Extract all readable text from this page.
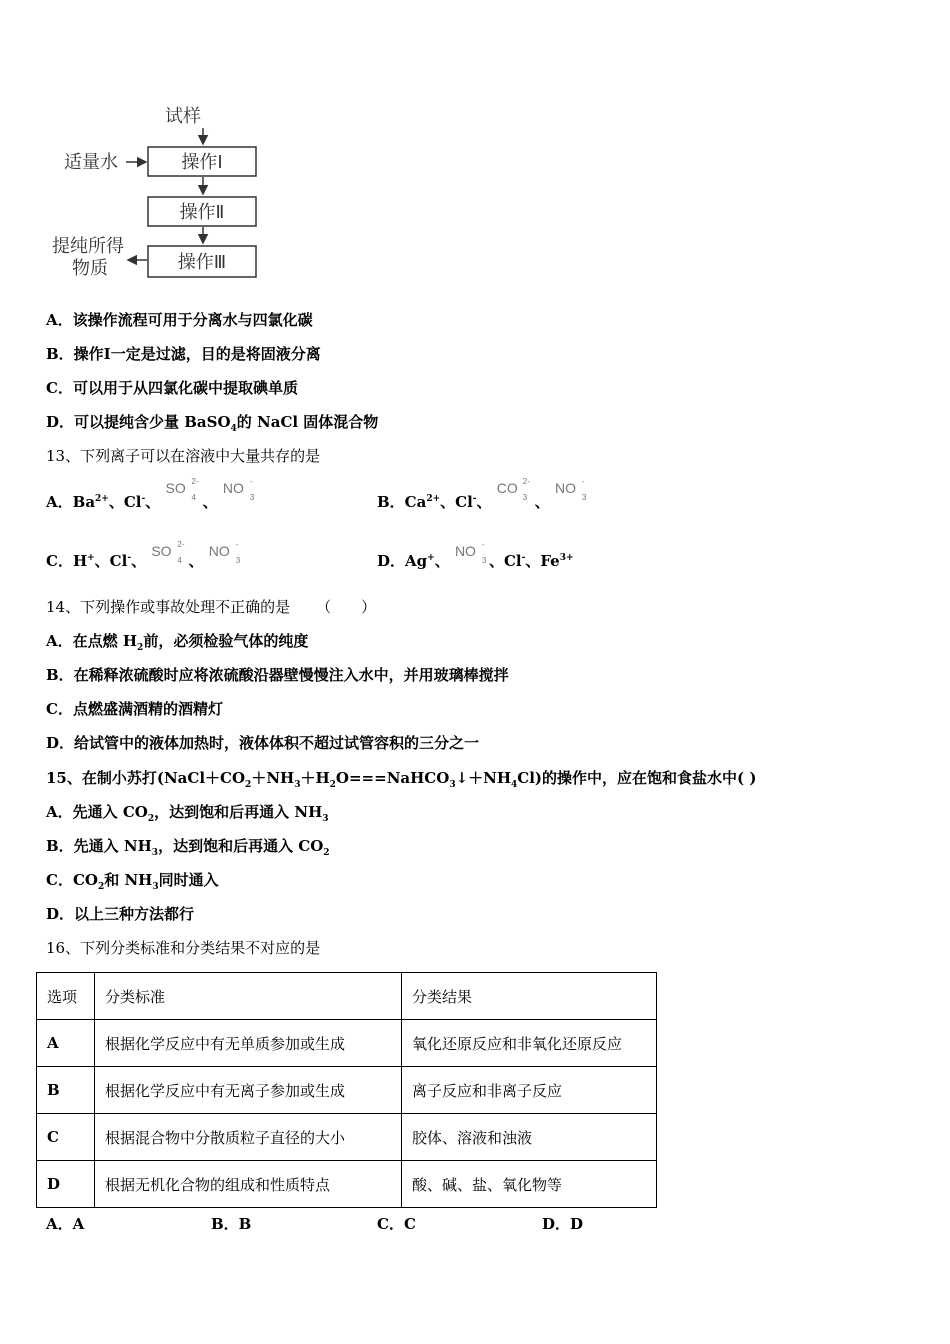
试样
适量水	操作Ⅰ
操作Ⅱ
操作Ⅲ
提纯所得
物质
A．该操作流程可用于分离水与四氯化碳
B．操作Ⅰ一定是过滤，目的是将固液分离
C．可以用于从四氯化碳中提取碘单质
D．可以提纯含少量 BaSO$_4$的 NaCl 固体混合物
13、下列离子可以在溶液中大量共存的是
A．$Ba^{2+}$、Cl-、 SO
4
2-
、 NO
3
-

B．$Ca^{2+}$、Cl-、 CO
3
2-
、 NO
3
-

C．H+、Cl-、 SO
4
2-
、 NO
3
-

D．Ag+、 NO
3
-
、Cl-、$Fe^{3+}$
14、下列操作或事故处理不正确的是 （　　）
A．在点燃 $H_2$前，必须检验气体的纯度
B．在稀释浓硫酸时应将浓硫酸沿器壁慢慢注入水中，并用玻璃棒搅拌
C．点燃盛满酒精的酒精灯
D．给试管中的液体加热时，液体体积不超过试管容积的三分之一
15、在制小苏打$(NaCl+CO_2+NH_3+H_2O===NaHCO_3↓+NH_4Cl)$的操作中，应在饱和食盐水中( )
A．先通入 $CO_2$，达到饱和后再通入 $NH_3$
B．先通入 $NH_3$，达到饱和后再通入 $CO_2$
C．$CO_2$和 $NH_3$同时通入
D．以上三种方法都行
16、下列分类标准和分类结果不对应的是
选项	分类标准	分类结果
A	根据化学反应中有无单质参加或生成	氧化还原反应和非氧化还原反应
B	根据化学反应中有无离子参加或生成	离子反应和非离子反应
C	根据混合物中分散质粒子直径的大小	胶体、溶液和浊液
D	根据无机化合物的组成和性质特点	酸、碱、盐、氧化物等
A．A	B．B	C．C	D．D
